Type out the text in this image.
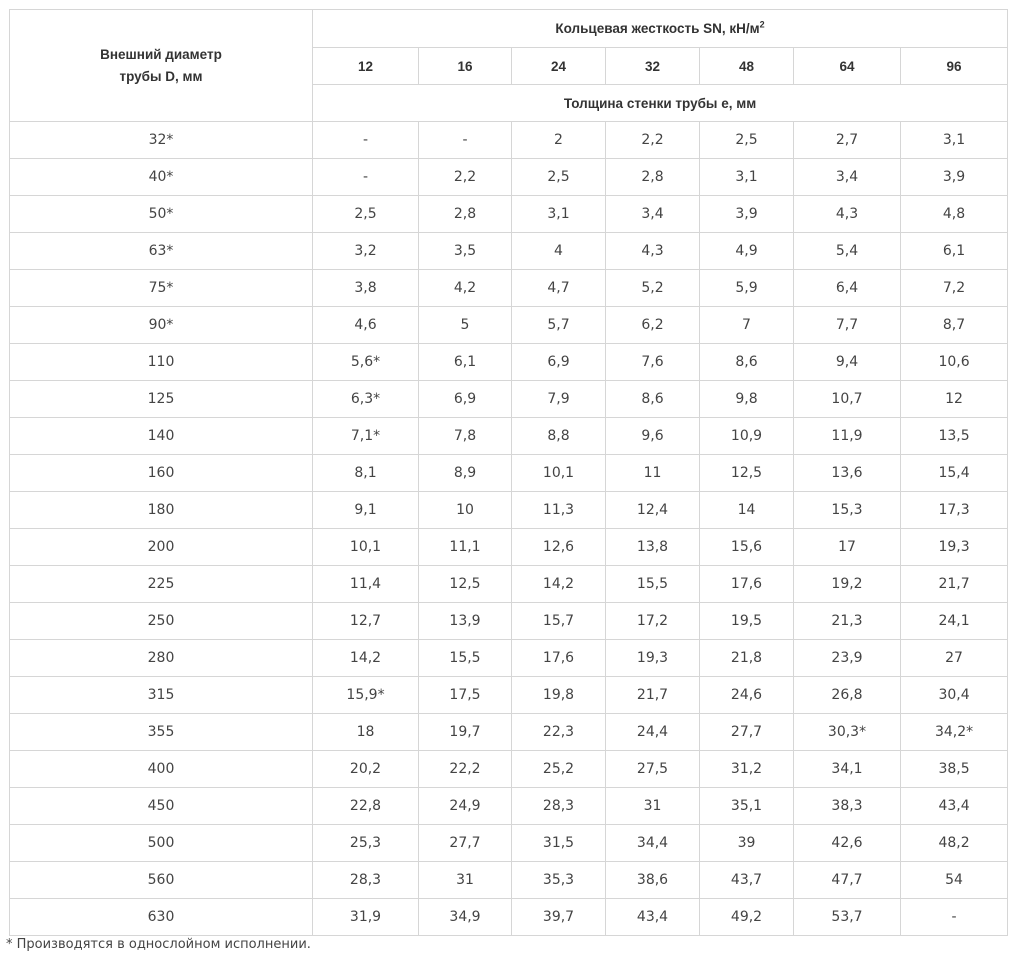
Внешний диаметр
трубы D, мм	Кольцевая жесткость SN, $кН/м^2$
	12	16	24	32	48	64	96
	Толщина стенки трубы е, мм						
32*	-	-	2	2,2	2,5	2,7	3,1
40*	-	2,2	2,5	2,8	3,1	3,4	3,9
50*	2,5	2,8	3,1	3,4	3,9	4,3	4,8
63*	3,2	3,5	4	4,3	4,9	5,4	6,1
75*	3,8	4,2	4,7	5,2	5,9	6,4	7,2
90*	4,6	5	5,7	6,2	7	7,7	8,7
110	5,6*	6,1	6,9	7,6	8,6	9,4	10,6
125	6,3*	6,9	7,9	8,6	9,8	10,7	12
140	7,1*	7,8	8,8	9,6	10,9	11,9	13,5
160	8,1	8,9	10,1	11	12,5	13,6	15,4
180	9,1	10	11,3	12,4	14	15,3	17,3
200	10,1	11,1	12,6	13,8	15,6	17	19,3
225	11,4	12,5	14,2	15,5	17,6	19,2	21,7
250	12,7	13,9	15,7	17,2	19,5	21,3	24,1
280	14,2	15,5	17,6	19,3	21,8	23,9	27
315	15,9*	17,5	19,8	21,7	24,6	26,8	30,4
355	18	19,7	22,3	24,4	27,7	30,3*	34,2*
400	20,2	22,2	25,2	27,5	31,2	34,1	38,5
450	22,8	24,9	28,3	31	35,1	38,3	43,4
500	25,3	27,7	31,5	34,4	39	42,6	48,2
560	28,3	31	35,3	38,6	43,7	47,7	54
630	31,9	34,9	39,7	43,4	49,2	53,7	-
* Производятся в однослойном исполнении.
